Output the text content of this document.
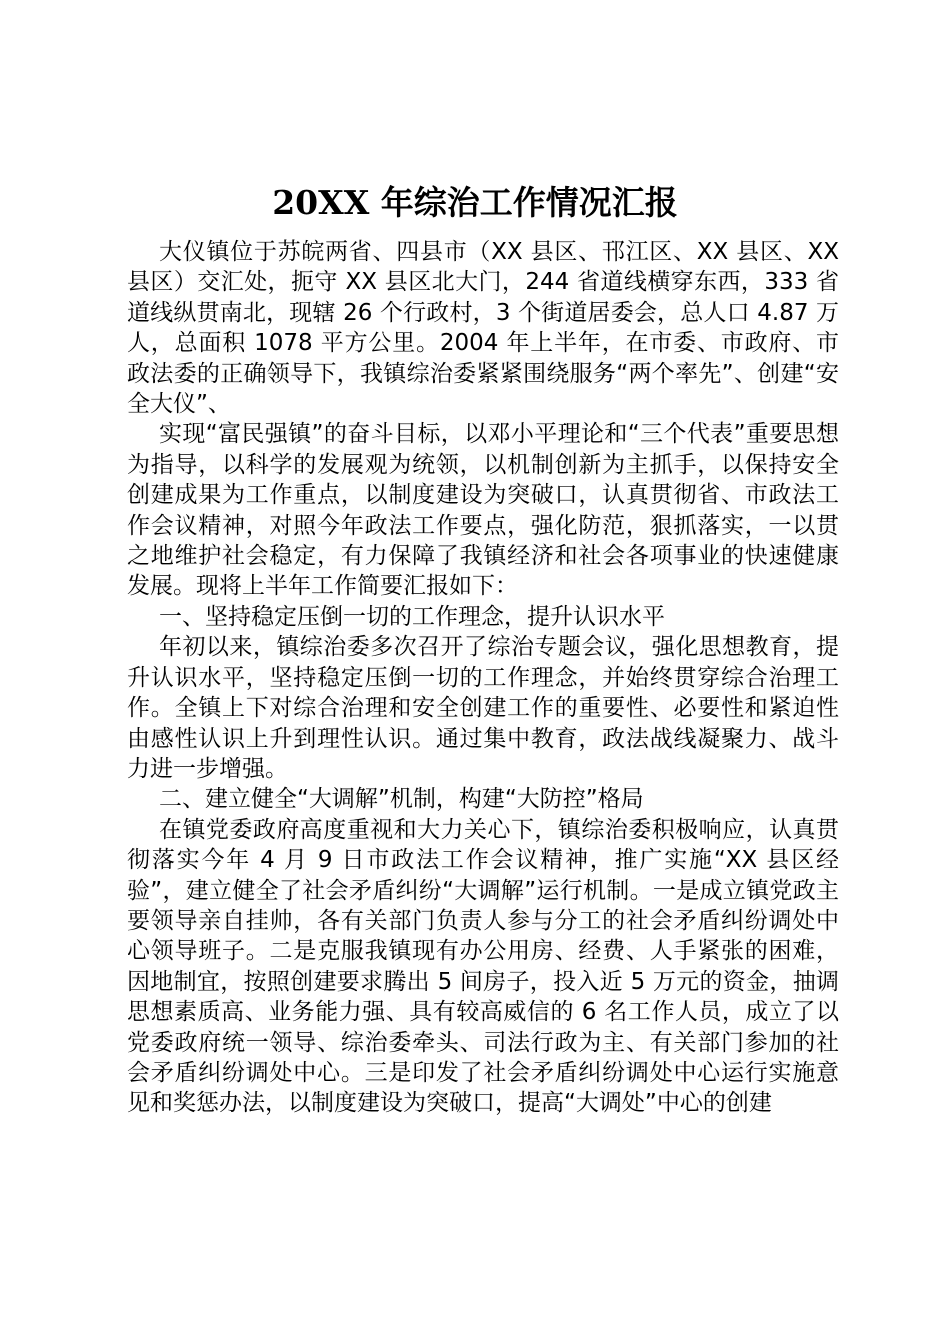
20XX 年综治工作情况汇报

大仪镇位于苏皖两省、四县市（XX 县区、邗江区、XX 县区、XX 县区）交汇处，扼守 XX 县区北大门，244 省道线横穿东西，333 省道线纵贯南北，现辖 26 个行政村，3 个街道居委会，总人口 4.87 万人，总面积 1078 平方公里。2004 年上半年，在市委、市政府、市政法委的正确领导下，我镇综治委紧紧围绕服务“两个率先”、创建“安全大仪”、

实现“富民强镇”的奋斗目标，以邓小平理论和“三个代表”重要思想为指导，以科学的发展观为统领，以机制创新为主抓手，以保持安全创建成果为工作重点，以制度建设为突破口，认真贯彻省、市政法工作会议精神，对照今年政法工作要点，强化防范，狠抓落实，一以贯之地维护社会稳定，有力保障了我镇经济和社会各项事业的快速健康发展。现将上半年工作简要汇报如下：

一、坚持稳定压倒一切的工作理念，提升认识水平

年初以来，镇综治委多次召开了综治专题会议，强化思想教育，提升认识水平，坚持稳定压倒一切的工作理念，并始终贯穿综合治理工作。全镇上下对综合治理和安全创建工作的重要性、必要性和紧迫性由感性认识上升到理性认识。通过集中教育，政法战线凝聚力、战斗力进一步增强。

二、建立健全“大调解”机制，构建“大防控”格局

在镇党委政府高度重视和大力关心下，镇综治委积极响应，认真贯彻落实今年 4 月 9 日市政法工作会议精神，推广实施“XX 县区经验”，建立健全了社会矛盾纠纷“大调解”运行机制。一是成立镇党政主要领导亲自挂帅，各有关部门负责人参与分工的社会矛盾纠纷调处中心领导班子。二是克服我镇现有办公用房、经费、人手紧张的困难，因地制宜，按照创建要求腾出 5 间房子，投入近 5 万元的资金，抽调思想素质高、业务能力强、具有较高威信的 6 名工作人员，成立了以党委政府统一领导、综治委牵头、司法行政为主、有关部门参加的社会矛盾纠纷调处中心。三是印发了社会矛盾纠纷调处中心运行实施意见和奖惩办法，以制度建设为突破口，提高“大调处”中心的创建
